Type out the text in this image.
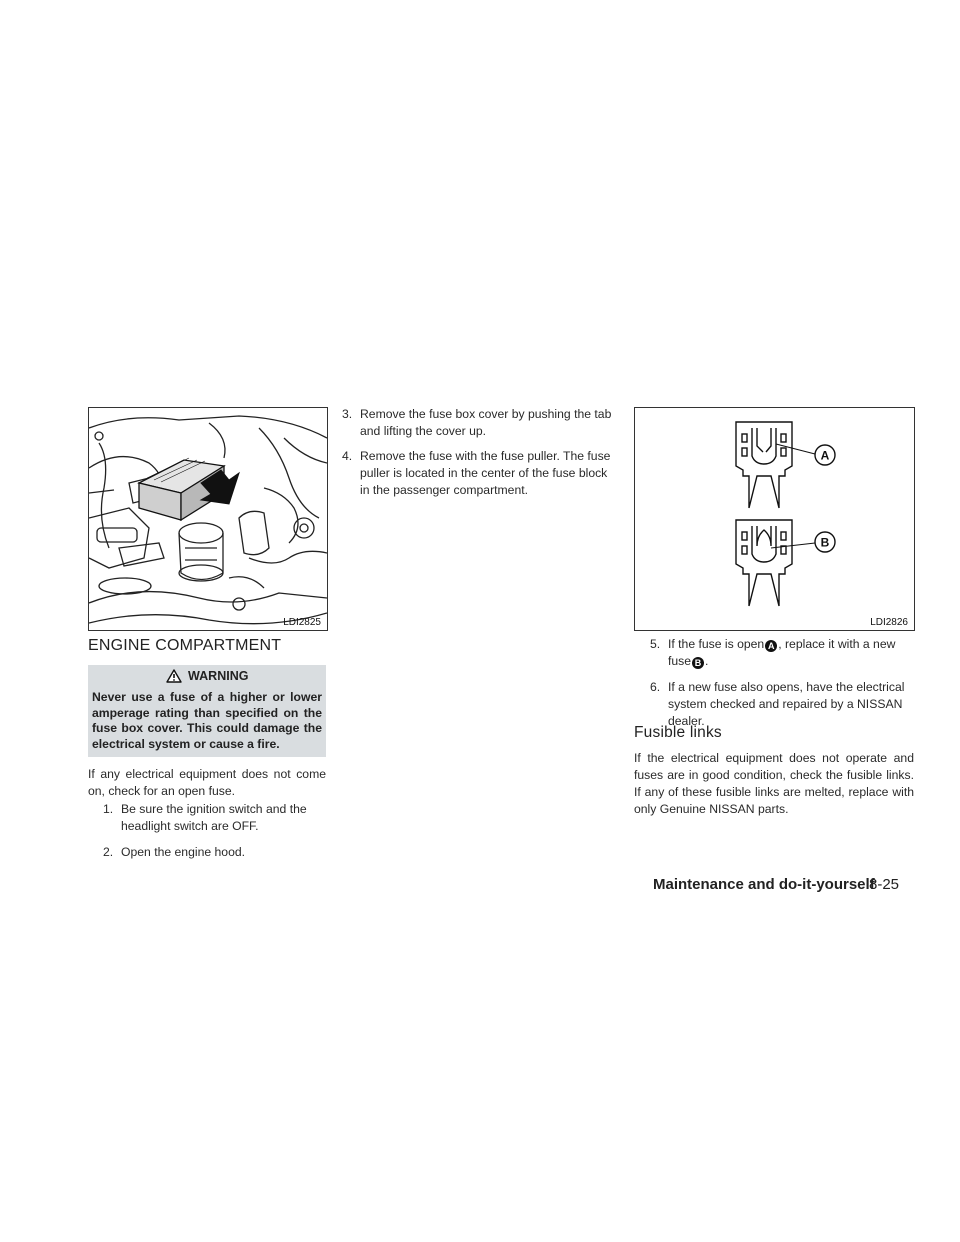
LDI2825
ENGINE COMPARTMENT
WARNING

Never use a fuse of a higher or lower amperage rating than specified on the fuse box cover. This could damage the electrical system or cause a fire.

If any electrical equipment does not come on, check for an open fuse.
1. Be sure the ignition switch and the headlight switch are OFF.
2. Open the engine hood.
3. Remove the fuse box cover by pushing the tab and lifting the cover up.
4. Remove the fuse with the fuse puller. The fuse puller is located in the center of the fuse block in the passenger compartment.
A
B
LDI2826
5. If the fuse is open A , replace it with a new fuse B .
6. If a new fuse also opens, have the electrical system checked and repaired by a NISSAN dealer.
Fusible links
If the electrical equipment does not operate and fuses are in good condition, check the fusible links. If any of these fusible links are melted, replace with only Genuine NISSAN parts.
Maintenance and do-it-yourself
8-25
